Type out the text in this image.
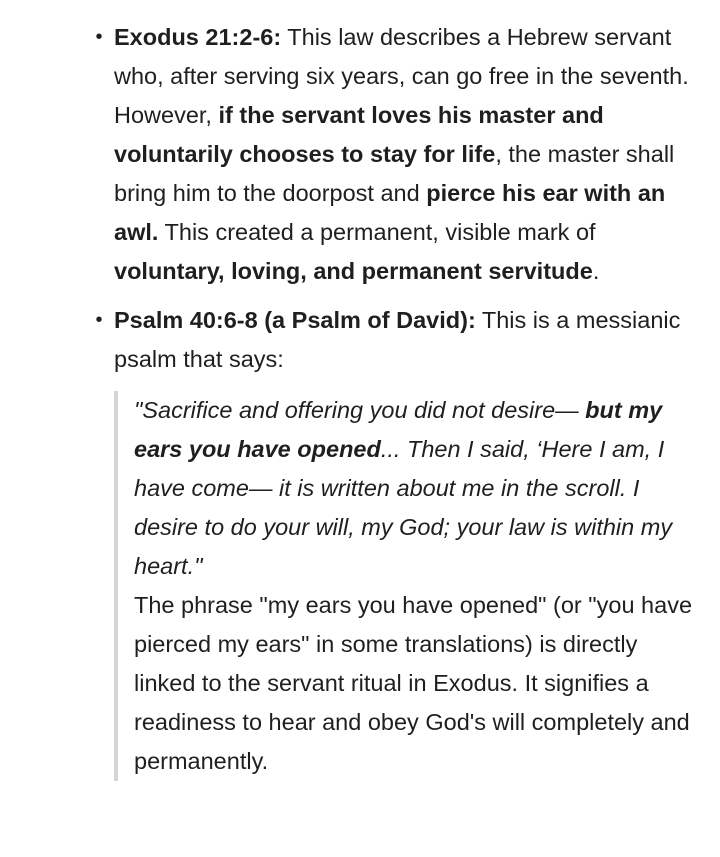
• Exodus 21:2-6: This law describes a Hebrew servant who, after serving six years, can go free in the seventh. However, if the servant loves his master and voluntarily chooses to stay for life, the master shall bring him to the doorpost and pierce his ear with an awl. This created a permanent, visible mark of voluntary, loving, and permanent servitude.
• Psalm 40:6-8 (a Psalm of David): This is a messianic psalm that says:
"Sacrifice and offering you did not desire— but my ears you have opened... Then I said, ‘Here I am, I have come— it is written about me in the scroll. I desire to do your will, my God; your law is within my heart."
The phrase "my ears you have opened" (or "you have pierced my ears" in some translations) is directly linked to the servant ritual in Exodus. It signifies a readiness to hear and obey God's will completely and permanently.
